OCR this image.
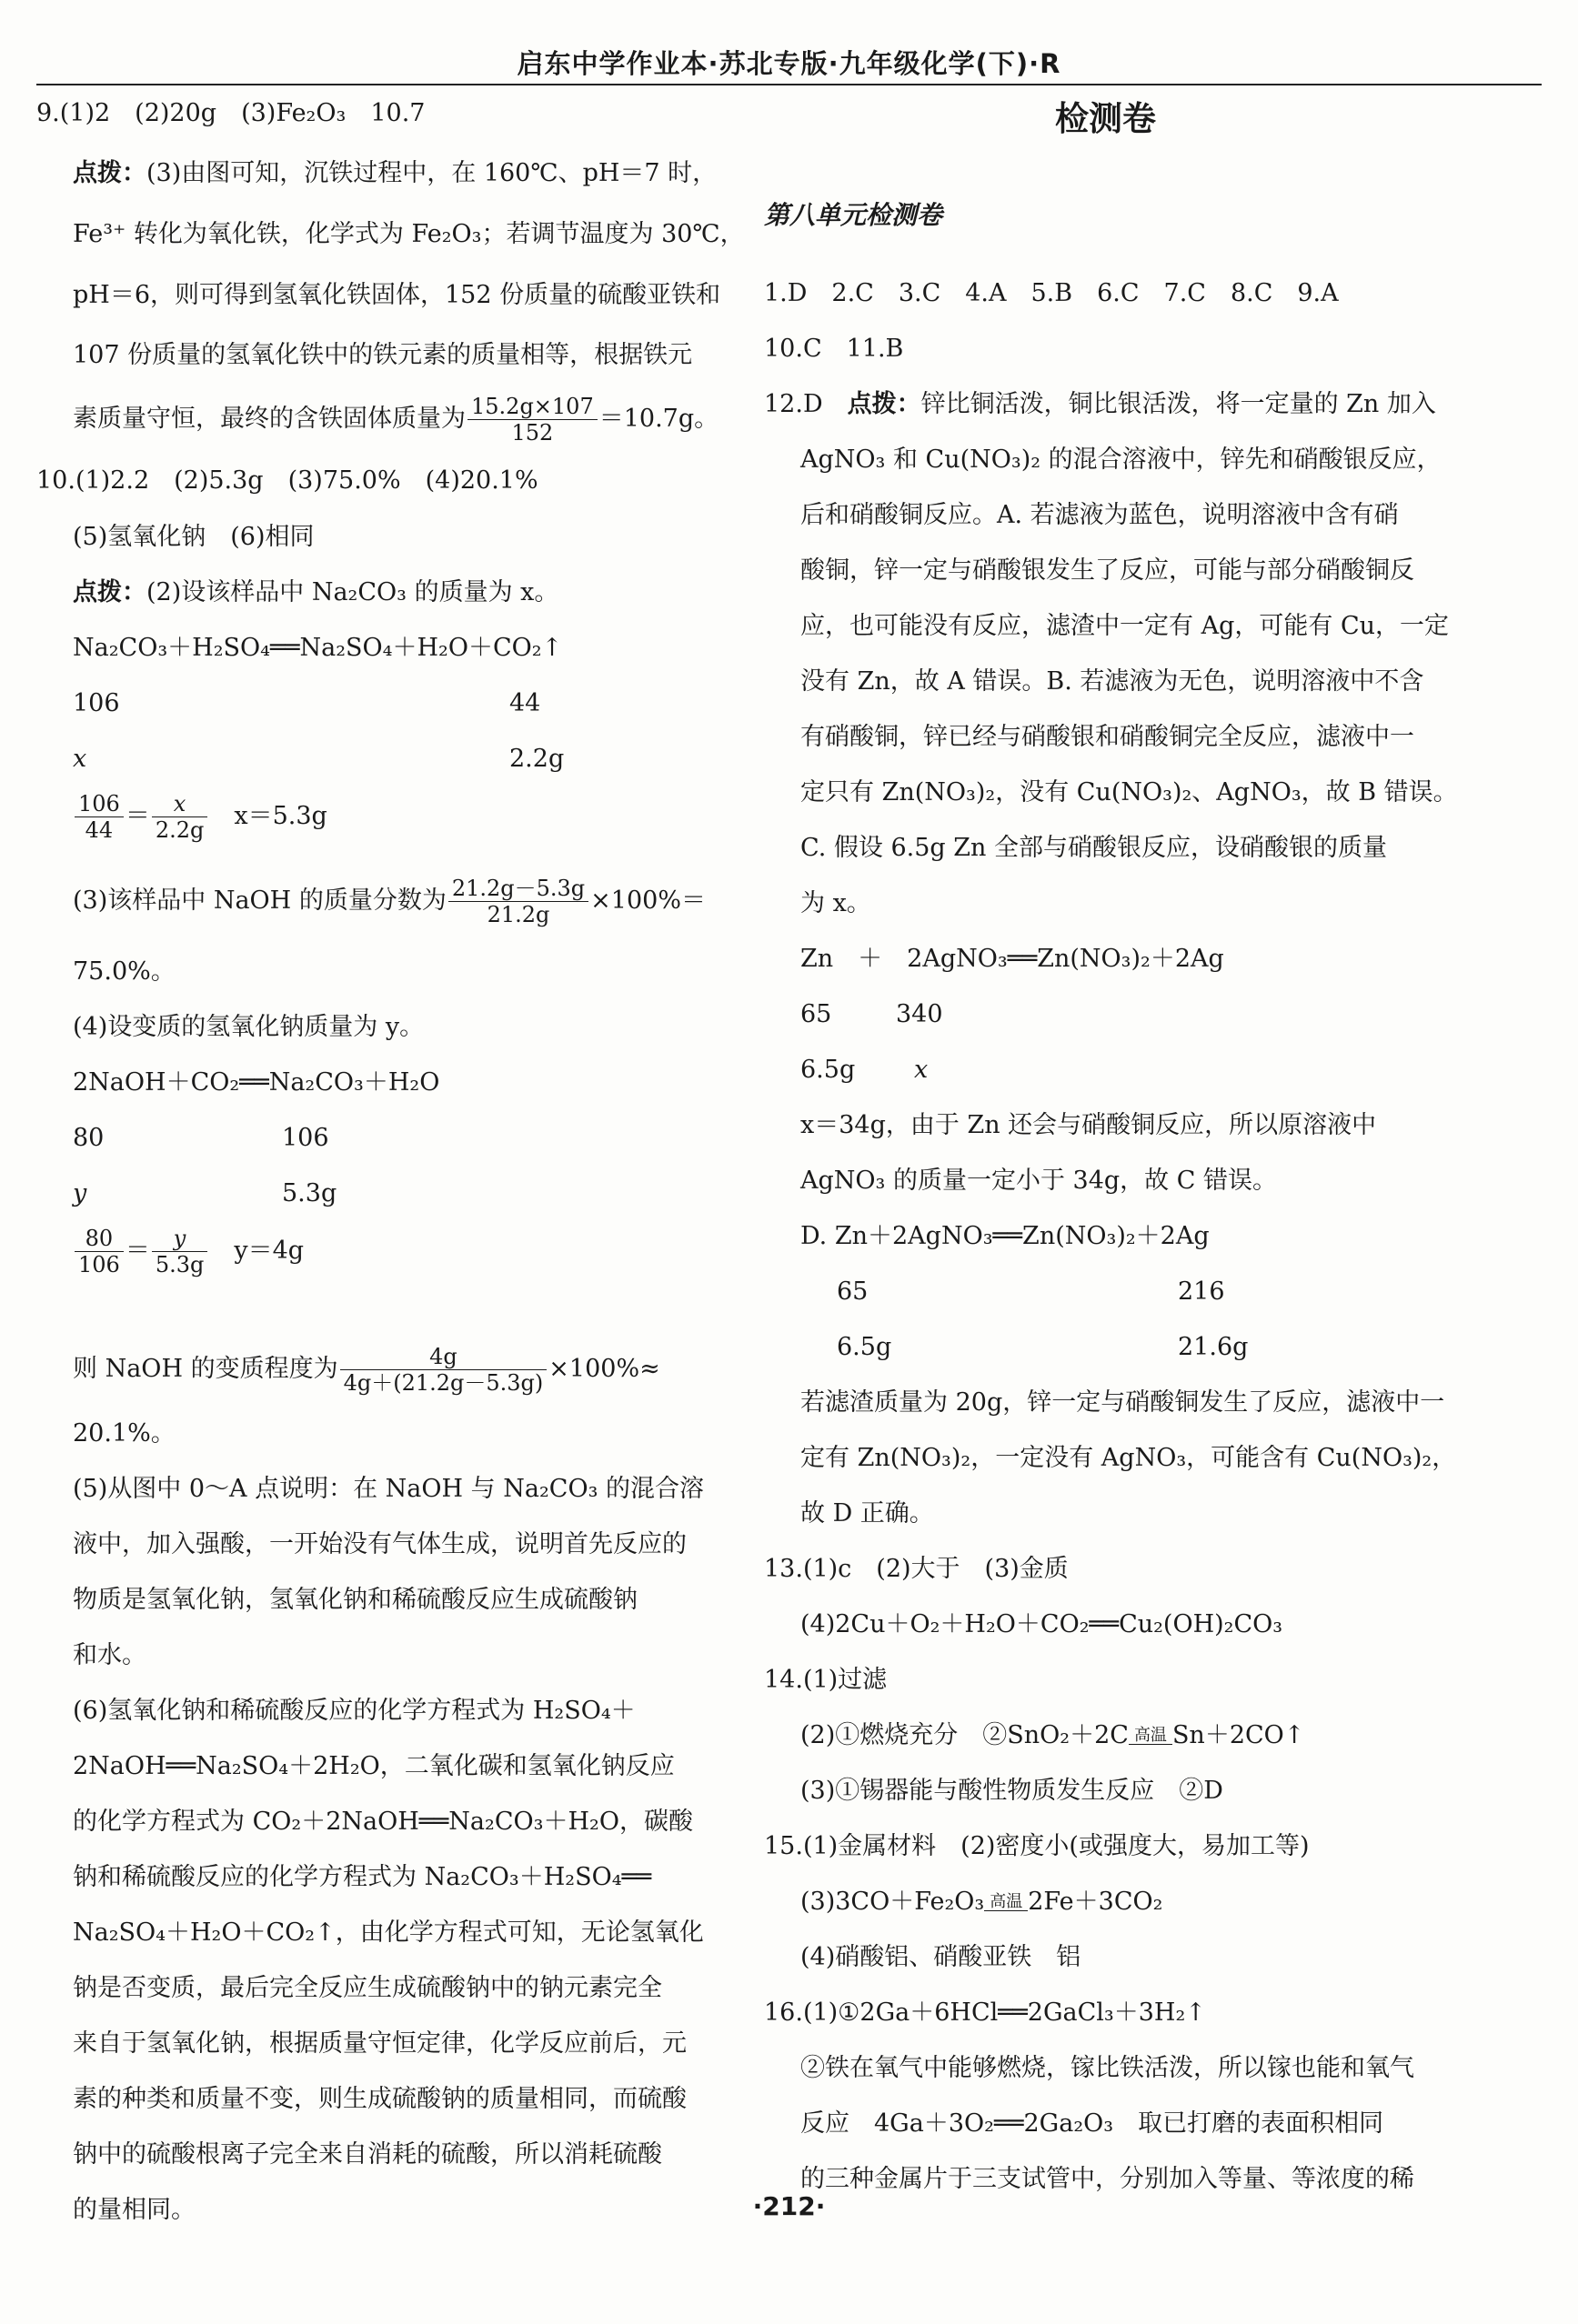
启东中学作业本·苏北专版·九年级化学(下)·R
9.(1)2　(2)20g　(3)Fe₂O₃　10.7
点拨：(3)由图可知，沉铁过程中，在 160℃、pH＝7 时，
Fe³⁺ 转化为氧化铁，化学式为 Fe₂O₃；若调节温度为 30℃，
pH＝6，则可得到氢氧化铁固体，152 份质量的硫酸亚铁和
107 份质量的氢氧化铁中的铁元素的质量相等，根据铁元
素质量守恒，最终的含铁固体质量为 $\frac{15.2g\times 107}{152} =10.7g$。
10.(1)2.2　(2)5.3g　(3)75.0%　(4)20.1%
(5)氢氧化钠　(6)相同
点拨：(2)设该样品中 Na₂CO₃ 的质量为 x。
Na₂CO₃＋H₂SO₄══Na₂SO₄＋H₂O＋CO₂↑
106	44
x	2.2g
$\frac{106}{44} = \frac{x}{2.2g}$
　 x＝5.3g
(3)该样品中 NaOH 的质量分数为 $\frac{21.2g-5.3g}{21.2g} \times 100\%=$
75.0%。
(4)设变质的氢氧化钠质量为 y。
2NaOH＋CO₂══Na₂CO₃＋H₂O
80	106
y	5.3g
$\frac{80}{106} = \frac{y}{5.3g}$
　 y＝4g
则 NaOH 的变质程度为 $\frac{4g}{4g+(21.2g-5.3g)} \times 100\%\approx$
20.1%。
(5)从图中 0～A 点说明：在 NaOH 与 Na₂CO₃ 的混合溶
液中，加入强酸，一开始没有气体生成，说明首先反应的
物质是氢氧化钠，氢氧化钠和稀硫酸反应生成硫酸钠
和水。
(6)氢氧化钠和稀硫酸反应的化学方程式为 H₂SO₄＋
2NaOH══Na₂SO₄＋2H₂O，二氧化碳和氢氧化钠反应
的化学方程式为 CO₂＋2NaOH══Na₂CO₃＋H₂O，碳酸
钠和稀硫酸反应的化学方程式为 Na₂CO₃＋H₂SO₄══
Na₂SO₄＋H₂O＋CO₂↑，由化学方程式可知，无论氢氧化
钠是否变质，最后完全反应生成硫酸钠中的钠元素完全
来自于氢氧化钠，根据质量守恒定律，化学反应前后，元
素的种类和质量不变，则生成硫酸钠的质量相同，而硫酸
钠中的硫酸根离子完全来自消耗的硫酸，所以消耗硫酸
的量相同。
检测卷
第八单元检测卷
1.D　2.C　3.C　4.A　5.B　6.C　7.C　8.C　9.A
10.C　11.B
12.D　点拨：锌比铜活泼，铜比银活泼，将一定量的 Zn 加入
AgNO₃ 和 Cu(NO₃)₂ 的混合溶液中，锌先和硝酸银反应，
后和硝酸铜反应。A. 若滤液为蓝色，说明溶液中含有硝
酸铜，锌一定与硝酸银发生了反应，可能与部分硝酸铜反
应，也可能没有反应，滤渣中一定有 Ag，可能有 Cu，一定
没有 Zn，故 A 错误。B. 若滤液为无色，说明溶液中不含
有硝酸铜，锌已经与硝酸银和硝酸铜完全反应，滤液中一
定只有 Zn(NO₃)₂，没有 Cu(NO₃)₂、AgNO₃，故 B 错误。
C. 假设 6.5g Zn 全部与硝酸银反应，设硝酸银的质量
为 x。
Zn　＋　2AgNO₃══Zn(NO₃)₂＋2Ag
65	340
6.5g x
x＝34g，由于 Zn 还会与硝酸铜反应，所以原溶液中
AgNO₃ 的质量一定小于 34g，故 C 错误。
D. Zn＋2AgNO₃══Zn(NO₃)₂＋2Ag
65	216
6.5g	21.6g
若滤渣质量为 20g，锌一定与硝酸铜发生了反应，滤液中一
定有 Zn(NO₃)₂，一定没有 AgNO₃，可能含有 Cu(NO₃)₂，
故 D 正确。
13.(1)c　(2)大于　(3)金质
(4)2Cu＋O₂＋H₂O＋CO₂══Cu₂(OH)₂CO₃
14.(1)过滤
(2)①燃烧充分　②SnO₂＋2C 高温 Sn＋2CO↑
(3)①锡器能与酸性物质发生反应　②D
15.(1)金属材料　(2)密度小(或强度大，易加工等)
(3)3CO＋Fe₂O₃ 高温 2Fe＋3CO₂
(4)硝酸铝、硝酸亚铁　铝
16.(1)①2Ga＋6HCl══2GaCl₃＋3H₂↑
②铁在氧气中能够燃烧，镓比铁活泼，所以镓也能和氧气
反应　4Ga＋3O₂══2Ga₂O₃　取已打磨的表面积相同
的三种金属片于三支试管中，分别加入等量、等浓度的稀
·212·
